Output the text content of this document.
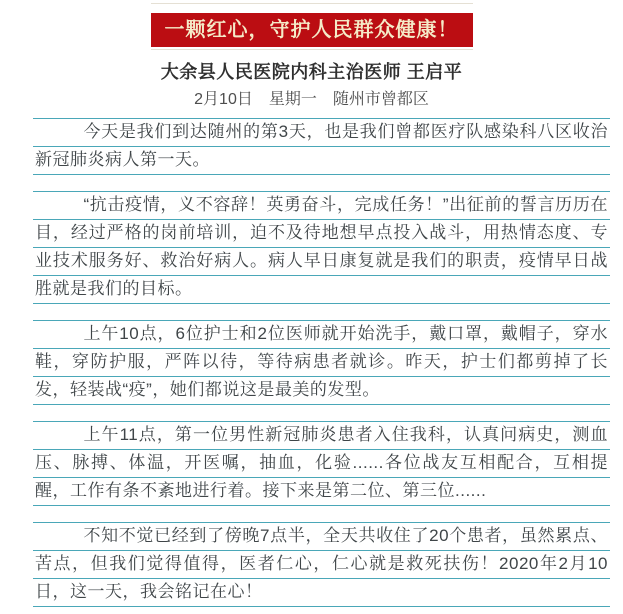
一颗红心，守护人民群众健康！
大余县人民医院内科主治医师 王启平
2月10日　星期一　随州市曾都区
今天是我们到达随州的第3天，也是我们曾都医疗队感染科八区收治新冠肺炎病人第一天。
“抗击疫情，义不容辞！英勇奋斗，完成任务！”出征前的誓言历历在目，经过严格的岗前培训，迫不及待地想早点投入战斗，用热情态度、专业技术服务好、救治好病人。病人早日康复就是我们的职责，疫情早日战胜就是我们的目标。
上午10点，6位护士和2位医师就开始洗手，戴口罩，戴帽子，穿水鞋，穿防护服，严阵以待，等待病患者就诊。昨天，护士们都剪掉了长发，轻装战“疫”，她们都说这是最美的发型。
上午11点，第一位男性新冠肺炎患者入住我科，认真问病史，测血压、脉搏、体温，开医嘱，抽血，化验......各位战友互相配合，互相提醒，工作有条不紊地进行着。接下来是第二位、第三位......
不知不觉已经到了傍晚7点半，全天共收住了20个患者，虽然累点、苦点，但我们觉得值得，医者仁心，仁心就是救死扶伤！2020年2月10日，这一天，我会铭记在心！
